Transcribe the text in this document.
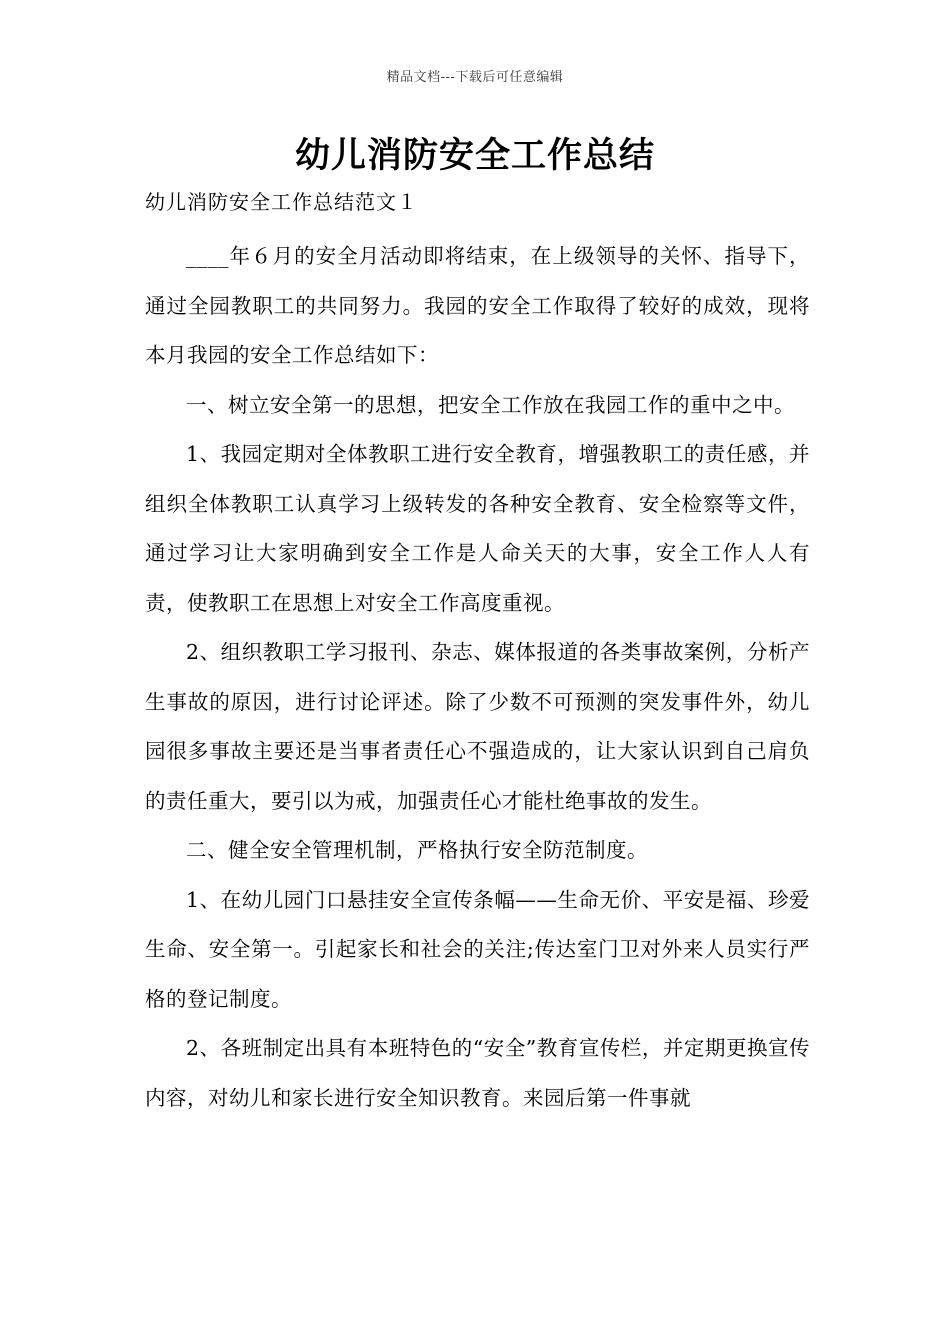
精品文档---下载后可任意编辑
幼儿消防安全工作总结
幼儿消防安全工作总结范文１

____年６月的安全月活动即将结束，在上级领导的关怀、指导下，通过全园教职工的共同努力。我园的安全工作取得了较好的成效，现将本月我园的安全工作总结如下：

一、树立安全第一的思想，把安全工作放在我园工作的重中之中。

1、我园定期对全体教职工进行安全教育，增强教职工的责任感，并组织全体教职工认真学习上级转发的各种安全教育、安全检察等文件，通过学习让大家明确到安全工作是人命关天的大事，安全工作人人有责，使教职工在思想上对安全工作高度重视。

2、组织教职工学习报刊、杂志、媒体报道的各类事故案例，分析产生事故的原因，进行讨论评述。除了少数不可预测的突发事件外，幼儿园很多事故主要还是当事者责任心不强造成的，让大家认识到自己肩负的责任重大，要引以为戒，加强责任心才能杜绝事故的发生。

二、健全安全管理机制，严格执行安全防范制度。

1、在幼儿园门口悬挂安全宣传条幅——生命无价、平安是福、珍爱生命、安全第一。引起家长和社会的关注;传达室门卫对外来人员实行严格的登记制度。

2、各班制定出具有本班特色的“安全”教育宣传栏，并定期更换宣传内容，对幼儿和家长进行安全知识教育。来园后第一件事就
